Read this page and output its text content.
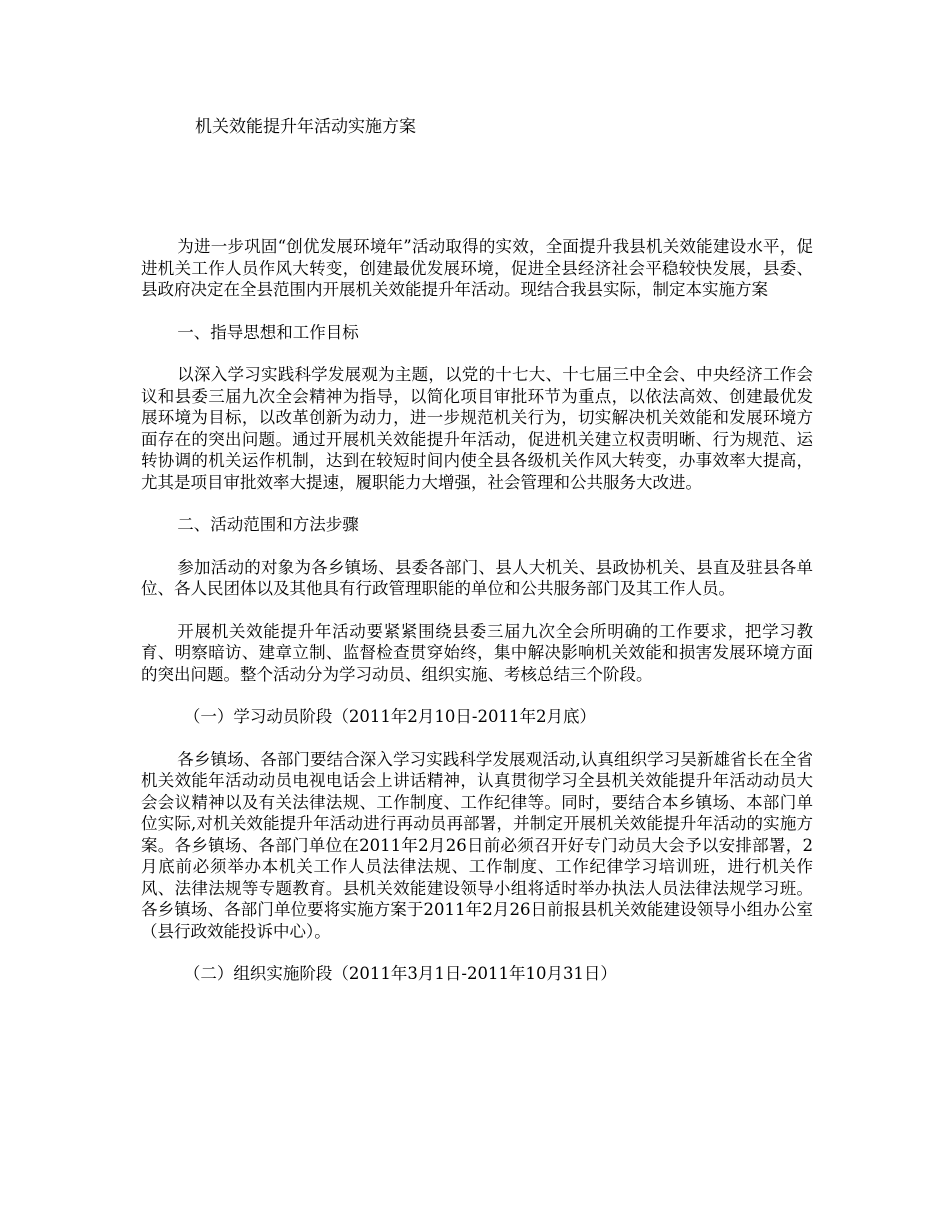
机关效能提升年活动实施方案

为进一步巩固“创优发展环境年”活动取得的实效，全面提升我县机关效能建设水平，促进机关工作人员作风大转变，创建最优发展环境，促进全县经济社会平稳较快发展，县委、县政府决定在全县范围内开展机关效能提升年活动。现结合我县实际，制定本实施方案

一、指导思想和工作目标

以深入学习实践科学发展观为主题，以党的十七大、十七届三中全会、中央经济工作会议和县委三届九次全会精神为指导，以简化项目审批环节为重点，以依法高效、创建最优发展环境为目标，以改革创新为动力，进一步规范机关行为，切实解决机关效能和发展环境方面存在的突出问题。通过开展机关效能提升年活动，促进机关建立权责明晰、行为规范、运转协调的机关运作机制，达到在较短时间内使全县各级机关作风大转变，办事效率大提高，尤其是项目审批效率大提速，履职能力大增强，社会管理和公共服务大改进。

二、活动范围和方法步骤

参加活动的对象为各乡镇场、县委各部门、县人大机关、县政协机关、县直及驻县各单位、各人民团体以及其他具有行政管理职能的单位和公共服务部门及其工作人员。

开展机关效能提升年活动要紧紧围绕县委三届九次全会所明确的工作要求，把学习教育、明察暗访、建章立制、监督检查贯穿始终，集中解决影响机关效能和损害发展环境方面的突出问题。整个活动分为学习动员、组织实施、考核总结三个阶段。

（一）学习动员阶段（2011年2月10日-2011年2月底）

各乡镇场、各部门要结合深入学习实践科学发展观活动,认真组织学习吴新雄省长在全省机关效能年活动动员电视电话会上讲话精神，认真贯彻学习全县机关效能提升年活动动员大会会议精神以及有关法律法规、工作制度、工作纪律等。同时，要结合本乡镇场、本部门单位实际,对机关效能提升年活动进行再动员再部署，并制定开展机关效能提升年活动的实施方案。各乡镇场、各部门单位在2011年2月26日前必须召开好专门动员大会予以安排部署，2月底前必须举办本机关工作人员法律法规、工作制度、工作纪律学习培训班，进行机关作风、法律法规等专题教育。县机关效能建设领导小组将适时举办执法人员法律法规学习班。各乡镇场、各部门单位要将实施方案于2011年2月26日前报县机关效能建设领导小组办公室（县行政效能投诉中心）。

（二）组织实施阶段（2011年3月1日-2011年10月31日）
